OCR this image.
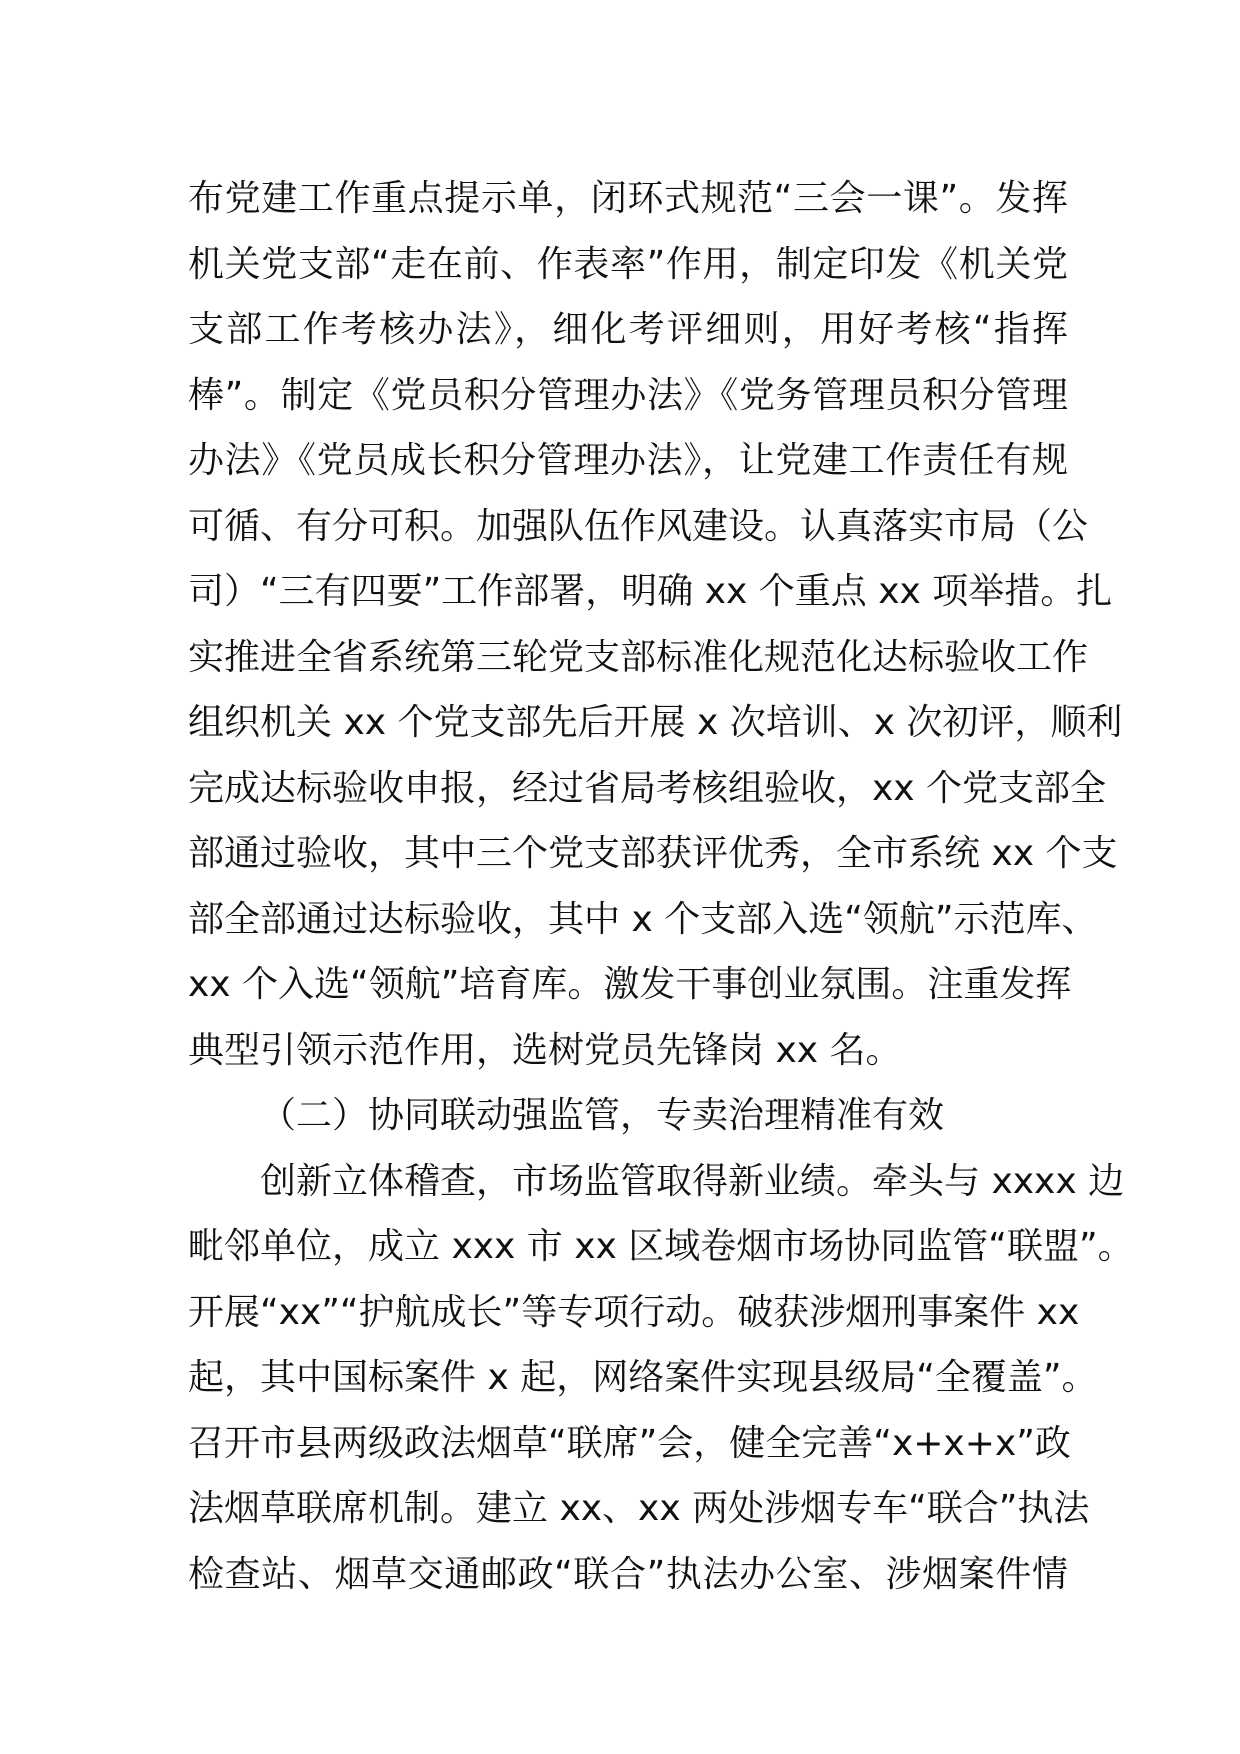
布党建工作重点提示单，闭环式规范“三会一课”。发挥
机关党支部“走在前、作表率”作用，制定印发《机关党
支部工作考核办法》，细化考评细则，用好考核“指挥
棒”。制定《党员积分管理办法》《党务管理员积分管理
办法》《党员成长积分管理办法》，让党建工作责任有规
可循、有分可积。加强队伍作风建设。认真落实市局（公
司）“三有四要”工作部署，明确 xx 个重点 xx 项举措。扎
实推进全省系统第三轮党支部标准化规范化达标验收工作
组织机关 xx 个党支部先后开展 x 次培训、x 次初评，顺利
完成达标验收申报，经过省局考核组验收，xx 个党支部全
部通过验收，其中三个党支部获评优秀，全市系统 xx 个支
部全部通过达标验收，其中 x 个支部入选“领航”示范库、
xx 个入选“领航”培育库。激发干事创业氛围。注重发挥
典型引领示范作用，选树党员先锋岗 xx 名。
（二）协同联动强监管，专卖治理精准有效
创新立体稽查，市场监管取得新业绩。牵头与 xxxx 边
毗邻单位，成立 xxx 市 xx 区域卷烟市场协同监管“联盟”。
开展“xx”“护航成长”等专项行动。破获涉烟刑事案件 xx
起，其中国标案件 x 起，网络案件实现县级局“全覆盖”。
召开市县两级政法烟草“联席”会，健全完善“x+x+x”政
法烟草联席机制。建立 xx、xx 两处涉烟专车“联合”执法
检查站、烟草交通邮政“联合”执法办公室、涉烟案件情
